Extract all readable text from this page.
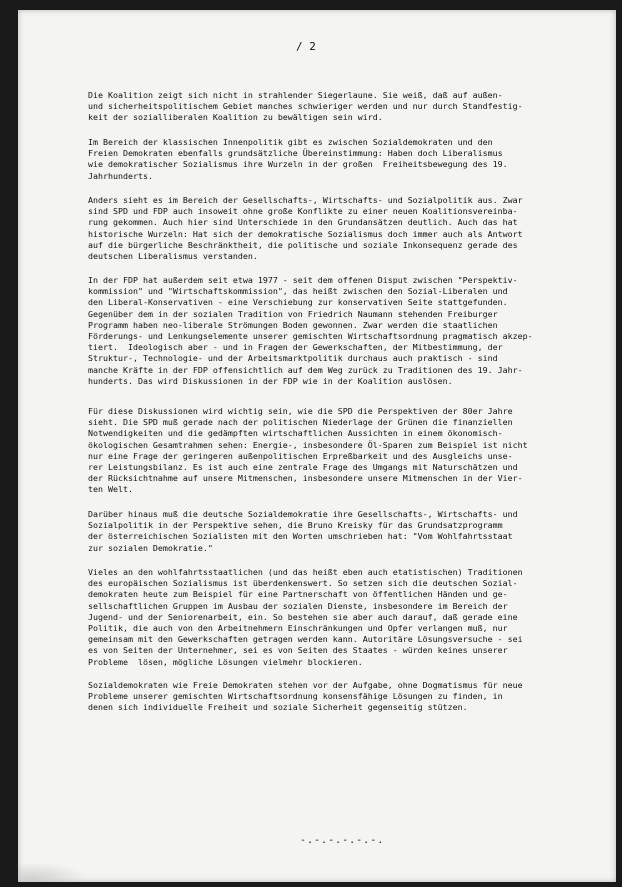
/ 2

Die Koalition zeigt sich nicht in strahlender Siegerlaune. Sie weiß, daß auf außen-
und sicherheitspolitischem Gebiet manches schwieriger werden und nur durch Standfestig-
keit der sozialliberalen Koalition zu bewältigen sein wird.

Im Bereich der klassischen Innenpolitik gibt es zwischen Sozialdemokraten und den
Freien Demokraten ebenfalls grundsätzliche Übereinstimmung: Haben doch Liberalismus
wie demokratischer Sozialismus ihre Wurzeln in der großen  Freiheitsbewegung des 19.
Jahrhunderts.

Anders sieht es im Bereich der Gesellschafts-, Wirtschafts- und Sozialpolitik aus. Zwar
sind SPD und FDP auch insoweit ohne große Konflikte zu einer neuen Koalitionsvereinba-
rung gekommen. Auch hier sind Unterschiede in den Grundansätzen deutlich. Auch das hat
historische Wurzeln: Hat sich der demokratische Sozialismus doch immer auch als Antwort
auf die bürgerliche Beschränktheit, die politische und soziale Inkonsequenz gerade des
deutschen Liberalismus verstanden.

In der FDP hat außerdem seit etwa 1977 - seit dem offenen Disput zwischen "Perspektiv-
kommission" und "Wirtschaftskommission", das heißt zwischen den Sozial-Liberalen und
den Liberal-Konservativen - eine Verschiebung zur konservativen Seite stattgefunden.
Gegenüber dem in der sozialen Tradition von Friedrich Naumann stehenden Freiburger
Programm haben neo-liberale Strömungen Boden gewonnen. Zwar werden die staatlichen
Förderungs- und Lenkungselemente unserer gemischten Wirtschaftsordnung pragmatisch akzep-
tiert.  Ideologisch aber - und in Fragen der Gewerkschaften, der Mitbestimmung, der
Struktur-, Technologie- und der Arbeitsmarktpolitik durchaus auch praktisch - sind
manche Kräfte in der FDP offensichtlich auf dem Weg zurück zu Traditionen des 19. Jahr-
hunderts. Das wird Diskussionen in der FDP wie in der Koalition auslösen.

Für diese Diskussionen wird wichtig sein, wie die SPD die Perspektiven der 80er Jahre
sieht. Die SPD muß gerade nach der politischen Niederlage der Grünen die finanziellen
Notwendigkeiten und die gedämpften wirtschaftlichen Aussichten in einem ökonomisch-
ökologischen Gesamtrahmen sehen: Energie-, insbesondere Öl-Sparen zum Beispiel ist nicht
nur eine Frage der geringeren außenpolitischen Erpreßbarkeit und des Ausgleichs unse-
rer Leistungsbilanz. Es ist auch eine zentrale Frage des Umgangs mit Naturschätzen und
der Rücksichtnahme auf unsere Mitmenschen, insbesondere unsere Mitmenschen in der Vier-
ten Welt.

Darüber hinaus muß die deutsche Sozialdemokratie ihre Gesellschafts-, Wirtschafts- und
Sozialpolitik in der Perspektive sehen, die Bruno Kreisky für das Grundsatzprogramm
der österreichischen Sozialisten mit den Worten umschrieben hat: "Vom Wohlfahrtsstaat
zur sozialen Demokratie."

Vieles an den wohlfahrtsstaatlichen (und das heißt eben auch etatistischen) Traditionen
des europäischen Sozialismus ist überdenkenswert. So setzen sich die deutschen Sozial-
demokraten heute zum Beispiel für eine Partnerschaft von öffentlichen Händen und ge-
sellschaftlichen Gruppen im Ausbau der sozialen Dienste, insbesondere im Bereich der
Jugend- und der Seniorenarbeit, ein. So bestehen sie aber auch darauf, daß gerade eine
Politik, die auch von den Arbeitnehmern Einschränkungen und Opfer verlangen muß, nur
gemeinsam mit den Gewerkschaften getragen werden kann. Autoritäre Lösungsversuche - sei
es von Seiten der Unternehmer, sei es von Seiten des Staates - würden keines unserer
Probleme  lösen, mögliche Lösungen vielmehr blockieren.

Sozialdemokraten wie Freie Demokraten stehen vor der Aufgabe, ohne Dogmatismus für neue
Probleme unserer gemischten Wirtschaftsordnung konsensfähige Lösungen zu finden, in
denen sich individuelle Freiheit und soziale Sicherheit gegenseitig stützen.

-.-.-.-.-.-.
